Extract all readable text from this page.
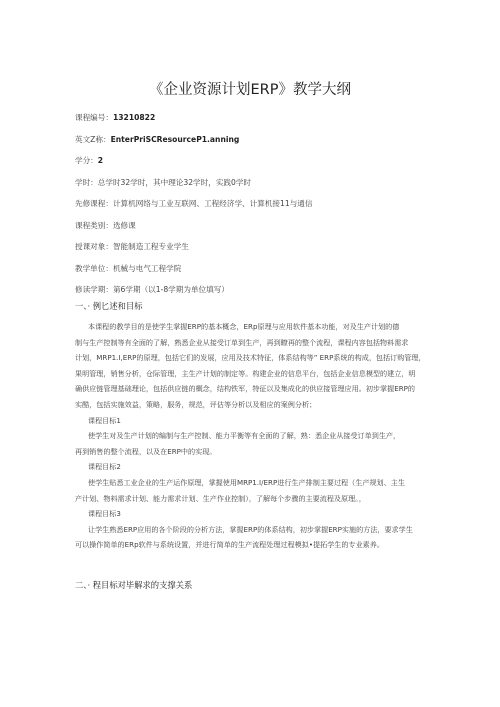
《企业资源计划ERP》教学大纲
课程编号：13210822
英文Z称：EnterPriSCResourceP1.anning
学分：2
学时：总学时32学时，其中理论32学时，实践0学时
先修课程：计算机网络与工业互联网、工程经济学、计算机接11与通信
课程类别：选修课
授课对象：智能制造工程专业学生
教学单位：机械与电气工程学院
修读学期：第6学期（以1-8学期为单位填写）
一、· 例匕述和目标
本课程的教学目的是使学生掌握ERP的基本概念，ERp原理与应用软件基本功能，对及生产计划的德
制与生产控制等有全面的了解，熟悉企业从接受订单到生产，再到瞭再的整个流程，课程内容包括物料需求
计划，MRP1.I,ERP的原理，包括它们的发展，应用及技术特征，体系结构等” ERP系统的构成，包括订购管理，
果明管理，销售分析，仓际管理，主生产计划的制定等。构建企业的信息平台，包括企业信息模型的建立，明
确供应链管理基础理论，包括供应链的概念，结构铁军，特征以及集成化的供应接管理应用。初步掌握ERP的
实酷，包括实施效益，策略，服务，规范，评估等分析以及相应的案例分析；
课程目标1
使学生对及生产计划的编制与生产控制、能力平衡等有全面的了解，熟：悉企业从接受订单到生产，
再到销售的整个流程，以及在ERP中的实现。
课程目标2
使学生贴悉工业企业的生产运作原理，掌握使用MRP1.I/ERP进行生产排制主要过程（生产规划、主生
产计划、物料需求计划、能力需求计划、生产作业控制），了解每个步骤的主要流程及原理。，
课程目标3
让学生熟悉ERP应用的各个阶段的分析方法，掌握ERP的体系结构，初步掌握ERP实施的方法，要求学生
可以操作简单的ERp软件与系统设置，并进行简单的生产流程处理过程模拟•提拓学生的专业素养。
二、· 程目标对毕解求的支撑关系
